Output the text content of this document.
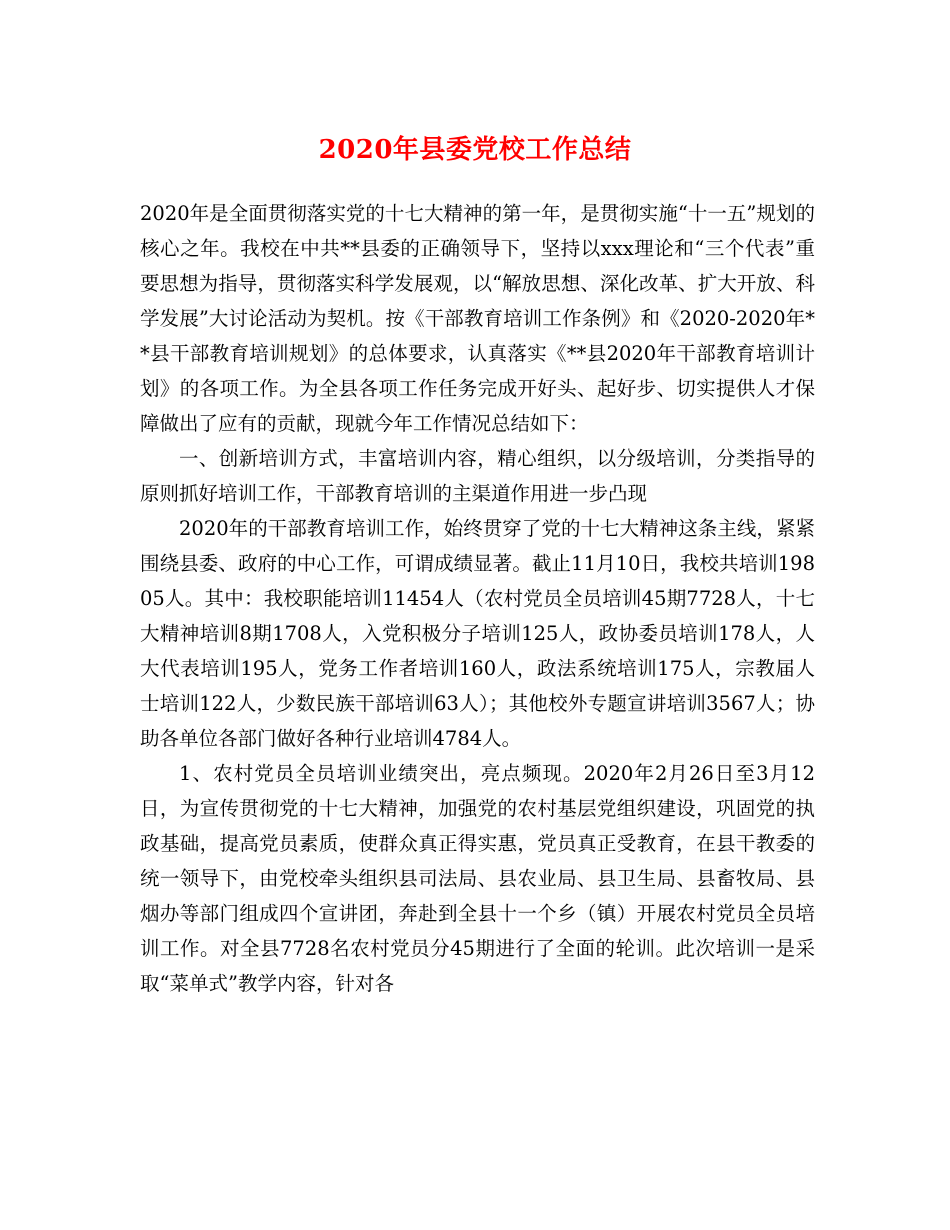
2020年县委党校工作总结

2020年是全面贯彻落实党的十七大精神的第一年，是贯彻实施“十一五”规划的核心之年。我校在中共**县委的正确领导下，坚持以xxx理论和“三个代表”重要思想为指导，贯彻落实科学发展观，以“解放思想、深化改革、扩大开放、科学发展”大讨论活动为契机。按《干部教育培训工作条例》和《2020-2020年**县干部教育培训规划》的总体要求，认真落实《**县2020年干部教育培训计划》的各项工作。为全县各项工作任务完成开好头、起好步、切实提供人才保障做出了应有的贡献，现就今年工作情况总结如下：

一、创新培训方式，丰富培训内容，精心组织，以分级培训，分类指导的原则抓好培训工作，干部教育培训的主渠道作用进一步凸现

2020年的干部教育培训工作，始终贯穿了党的十七大精神这条主线，紧紧围绕县委、政府的中心工作，可谓成绩显著。截止11月10日，我校共培训19805人。其中：我校职能培训11454人（农村党员全员培训45期7728人，十七大精神培训8期1708人，入党积极分子培训125人，政协委员培训178人，人大代表培训195人，党务工作者培训160人，政法系统培训175人，宗教届人士培训122人，少数民族干部培训63人）；其他校外专题宣讲培训3567人；协助各单位各部门做好各种行业培训4784人。

1、农村党员全员培训业绩突出，亮点频现。2020年2月26日至3月12日，为宣传贯彻党的十七大精神，加强党的农村基层党组织建设，巩固党的执政基础，提高党员素质，使群众真正得实惠，党员真正受教育，在县干教委的统一领导下，由党校牵头组织县司法局、县农业局、县卫生局、县畜牧局、县烟办等部门组成四个宣讲团，奔赴到全县十一个乡（镇）开展农村党员全员培训工作。对全县7728名农村党员分45期进行了全面的轮训。此次培训一是采取“菜单式”教学内容，针对各
